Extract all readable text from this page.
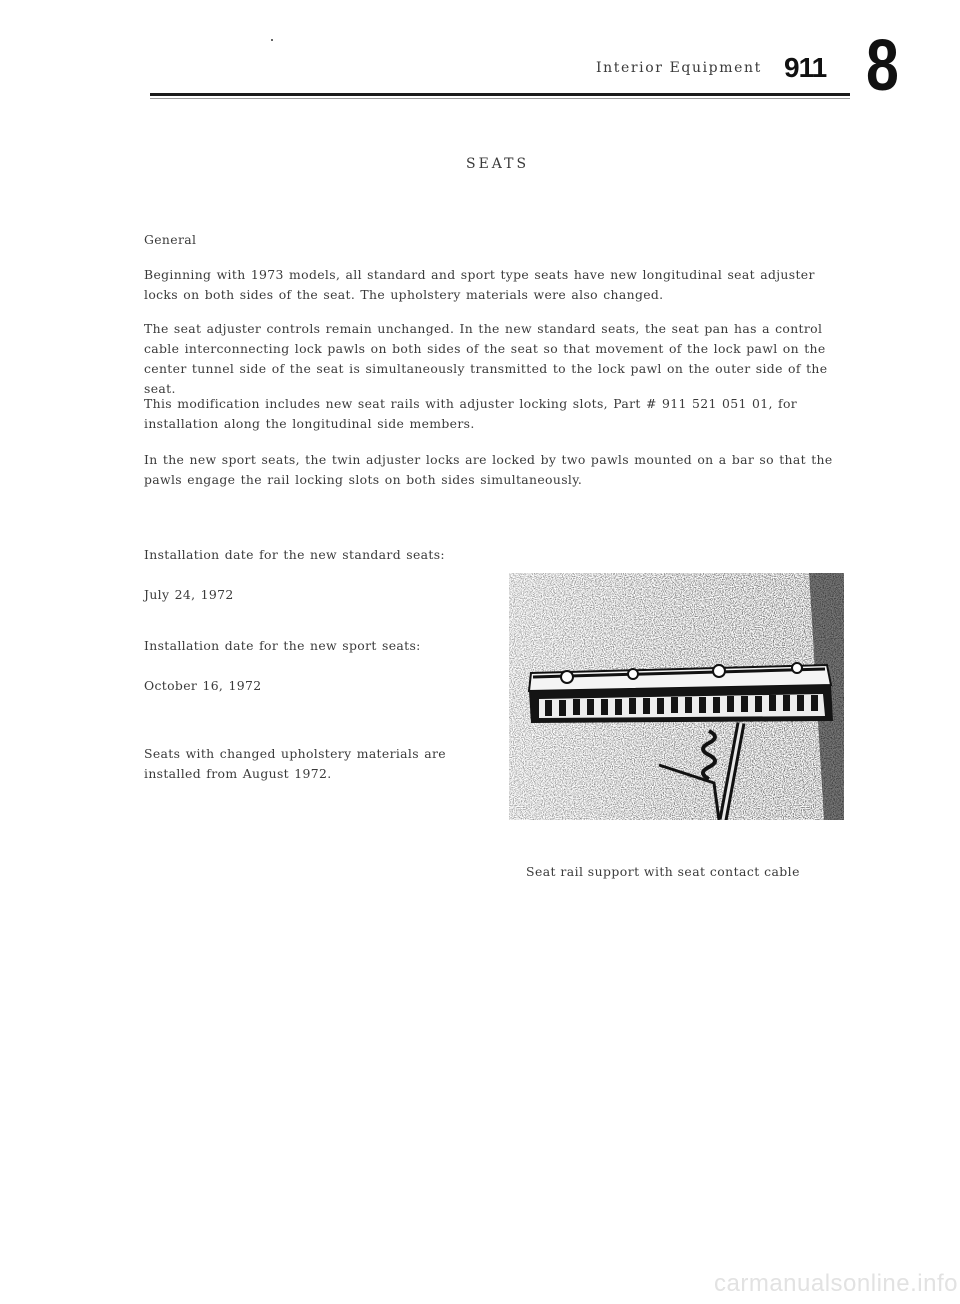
Interior Equipment 911 8
SEATS
General

Beginning with 1973 models, all standard and sport type seats have new longitudinal seat adjuster locks on both sides of the seat. The upholstery materials were also changed.

The seat adjuster controls remain unchanged. In the new standard seats, the seat pan has a control cable interconnecting lock pawls on both sides of the seat so that movement of the lock pawl on the center tunnel side of the seat is simultaneously transmitted to the lock pawl on the outer side of the seat.

This modification includes new seat rails with adjuster locking slots, Part # 911 521 051 01, for installation along the longitudinal side members.

In the new sport seats, the twin adjuster locks are locked by two pawls mounted on a bar so that the pawls engage the rail locking slots on both sides simultaneously.

Installation date for the new standard seats:
July 24, 1972
Installation date for the new sport seats:
October 16, 1972
Seats with changed upholstery materials are installed from August 1972.
Seat rail support with seat contact cable
carmanualsonline.info
